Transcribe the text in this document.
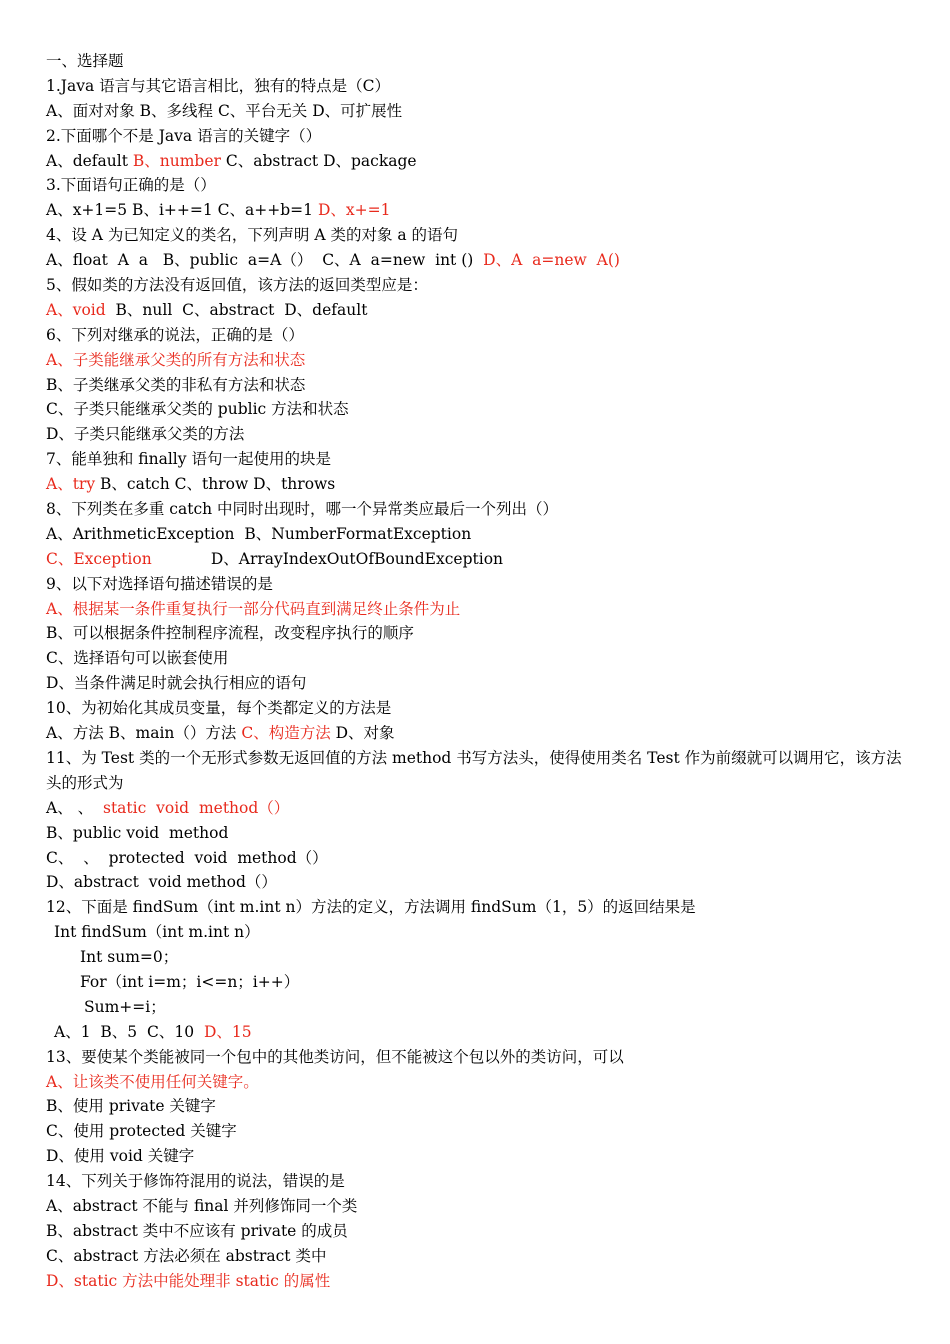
一、选择题
1.Java 语言与其它语言相比，独有的特点是（C）
A、面对对象 B、多线程 C、平台无关 D、可扩展性
2.下面哪个不是 Java 语言的关键字（）
A、default B、number C、abstract D、package
3.下面语句正确的是（）
A、x+1=5 B、i++=1 C、a++b=1 D、x+=1
4、设 A 为已知定义的类名，下列声明 A 类的对象 a 的语句
A、float  A  a   B、public  a=A（）  C、A  a=new  int ()  D、A  a=new  A()
5、假如类的方法没有返回值，该方法的返回类型应是：
A、void  B、null  C、abstract  D、default
6、下列对继承的说法，正确的是（）
A、子类能继承父类的所有方法和状态
B、子类继承父类的非私有方法和状态
C、子类只能继承父类的 public 方法和状态
D、子类只能继承父类的方法
7、能单独和 finally 语句一起使用的块是
A、try B、catch C、throw D、throws
8、下列类在多重 catch 中同时出现时，哪一个异常类应最后一个列出（）
A、ArithmeticException  B、NumberFormatException
C、Exception            D、ArrayIndexOutOfBoundException
9、以下对选择语句描述错误的是
A、根据某一条件重复执行一部分代码直到满足终止条件为止
B、可以根据条件控制程序流程，改变程序执行的顺序
C、选择语句可以嵌套使用
D、当条件满足时就会执行相应的语句
10、为初始化其成员变量，每个类都定义的方法是
A、方法 B、main（）方法 C、构造方法 D、对象
11、为 Test 类的一个无形式参数无返回值的方法 method 书写方法头，使得使用类名 Test 作为前缀就可以调用它，该方法头的形式为
A、 、  static  void  method（）
B、public void  method
C、  、  protected  void  method（）
D、abstract  void method（）
12、下面是 findSum（int m.int n）方法的定义，方法调用 findSum（1，5）的返回结果是
Int findSum（int m.int n）
Int sum=0；
For（int i=m；i<=n；i++）
Sum+=i；
A、1  B、5  C、10  D、15
13、要使某个类能被同一个包中的其他类访问，但不能被这个包以外的类访问，可以
A、让该类不使用任何关键字。
B、使用 private 关键字
C、使用 protected 关键字
D、使用 void 关键字
14、下列关于修饰符混用的说法，错误的是
A、abstract 不能与 final 并列修饰同一个类
B、abstract 类中不应该有 private 的成员
C、abstract 方法必须在 abstract 类中
D、static 方法中能处理非 static 的属性
